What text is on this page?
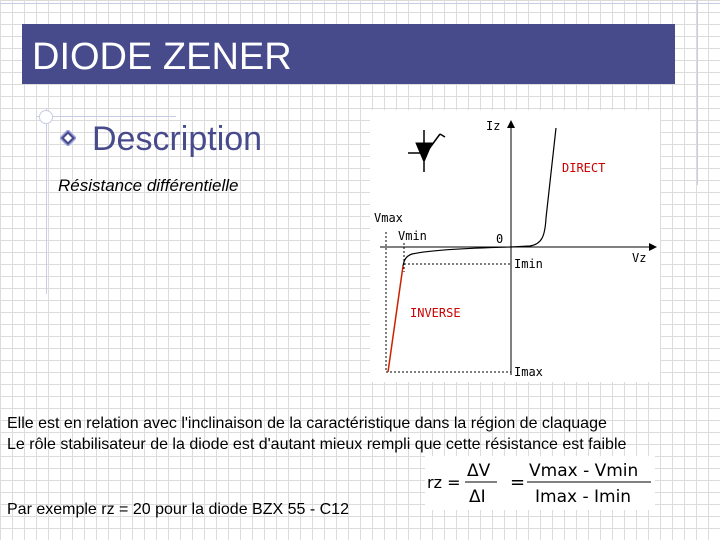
DIODE ZENER
Description
Résistance différentielle
Iz
DIRECT
Vmax
Vmin	0
Vz
Imin
INVERSE
Imax
Elle est en relation avec l'inclinaison de la caractéristique dans la région de claquage
Le rôle stabilisateur de la diode est d'autant mieux rempli que cette résistance est faible
rz =
ΔV
ΔI
=
Vmax - Vmin
Imax - Imin
Par exemple rz = 20 pour la diode BZX 55 - C12
